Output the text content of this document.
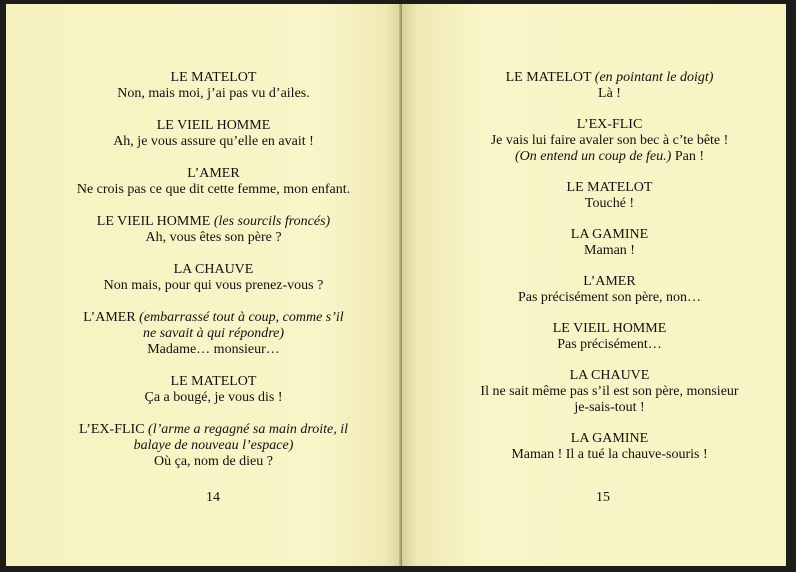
LE MATELOT
Non, mais moi, j’ai pas vu d’ailes.
LE VIEIL HOMME
Ah, je vous assure qu’elle en avait !
L’AMER
Ne crois pas ce que dit cette femme, mon enfant.
LE VIEIL HOMME (les sourcils froncés)
Ah, vous êtes son père ?
LA CHAUVE
Non mais, pour qui vous prenez-vous ?
L’AMER (embarrassé tout à coup, comme s’il ne savait à qui répondre)
Madame… monsieur…
LE MATELOT
Ça a bougé, je vous dis !
L’EX-FLIC (l’arme a regagné sa main droite, il balaye de nouveau l’espace)
Où ça, nom de dieu ?
14
LE MATELOT (en pointant le doigt)
Là !
L’EX-FLIC
Je vais lui faire avaler son bec à c’te bête !
(On entend un coup de feu.) Pan !
LE MATELOT
Touché !
LA GAMINE
Maman !
L’AMER
Pas précisément son père, non…
LE VIEIL HOMME
Pas précisément…
LA CHAUVE
Il ne sait même pas s’il est son père, monsieur je-sais-tout !
LA GAMINE
Maman ! Il a tué la chauve-souris !
15
